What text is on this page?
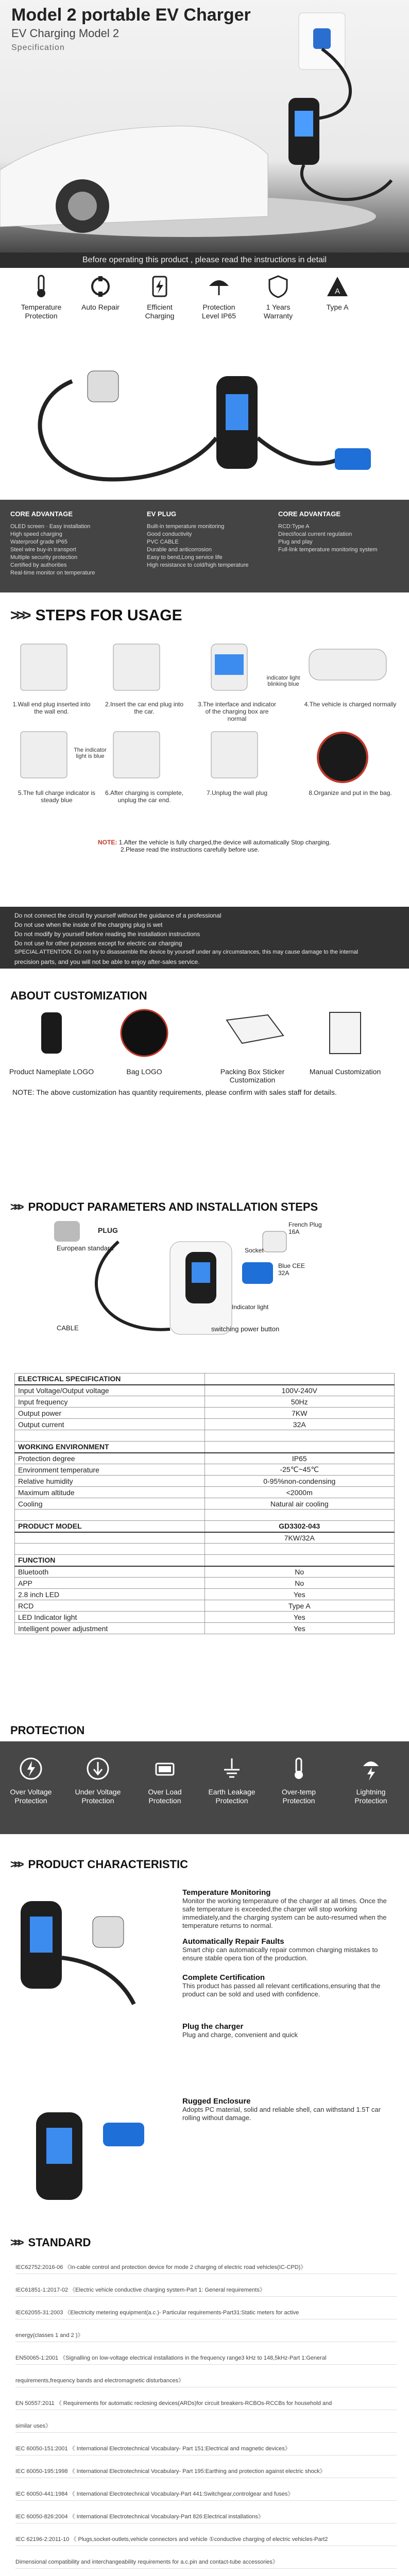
Model 2 portable EV Charger
EV Charging Model 2
Specification
Before operating this product , please read the instructions in detail
Temperature Protection
Auto Repair	Efficient Charging
Protection Level IP65
1 Years Warranty
A
Type A
CORE ADVANTAGE

OLED screen · Easy installation

High speed charging

Waterproof grade IP65

Steel wire buy-in transport

Multiple security protection

Certified by authorities

Real-time monitor on temperature

EV PLUG

Built-in temperature monitoring

Good conductivity

PVC CABLE

Durable and anticorrosion

Easy to bend,Long service life

High resistance to cold/high temperature

CORE ADVANTAGE

RCD:Type A

Direct/local current regulation

Plug and play

Full-link temperature monitoring system

>>> STEPS FOR USAGE
1.Wall end plug inserted into the wall end.
2.Insert the car end plug into the car.
3.The interface and indicator of the charging box are normal
4.The vehicle is charged normally
indicator light blinking blue
5.The full charge indicator is steady blue
6.After charging is complete, unplug the car end.
7.Unplug the wall plug	8.Organize and put in the bag.
The indicator light is blue
NOTE: 1.After the vehicle is fully charged,the device will automatically Stop charging.
2.Please read the instructions carefully before use.

Do not connect the circuit by yourself without the guidance of a professional

Do not use when the inside of the charging plug is wet

Do not modify by yourself before reading the installation instructions

Do not use for other purposes except for electric car charging

SPECIAL ATTENTION: Do not try to disassemble the device by yourself under any circumstances, this may cause damage to the internal

precision parts, and you will not be able to enjoy after-sales service.

ABOUT CUSTOMIZATION
Product Nameplate LOGO	Bag LOGO	Packing Box Sticker Customization
Manual Customization
NOTE: The above customization has quantity requirements, please confirm with sales staff for details.
>>> PRODUCT PARAMETERS AND INSTALLATION STEPS
European standard
PLUG
French Plug 16A
Socket
Blue CEE 32A
Indicator light
switching power button
CABLE
ELECTRICAL SPECIFICATION	
Input Voltage/Output voltage	100V-240V
Input frequency	50Hz
Output power	7KW
Output current	32A

WORKING ENVIRONMENT	
Protection degree	IP65
Environment temperature	-25℃~45℃
Relative humidity	0-95%non-condensing
Maximum altitude	<2000m
Cooling	Natural air cooling

PRODUCT MODEL	GD3302-043
	7KW/32A

FUNCTION	
Bluetooth	No
APP	No
2.8 inch LED	Yes
RCD	Type A
LED Indicator light	Yes
Intelligent power adjustment	Yes
PROTECTION
Over Voltage Protection
Under Voltage Protection
Over Load Protection
Earth Leakage Protection
Over-temp Protection
Lightning Protection
>>> PRODUCT CHARACTERISTIC
Temperature Monitoring

Monitor the working temperature of the charger at all times. Once the safe temperature is exceeded,the charger will stop working immediately,and the charging system can be auto-resumed when the temperature returns to normal.

Automatically Repair Faults

Smart chip can automatically repair common charging mistakes to ensure stable opera tion of the production.

Complete Certification

This product has passed all relevant certifications,ensuring that the product can be sold and used with confidence.

Plug the charger

Plug and charge, convenient and quick

Rugged Enclosure

Adopts PC material, solid and reliable shell, can withstand 1.5T car rolling without damage.

>>> STANDARD
IEC62752:2016-06 《In-cable control and protection device for mode 2 charging of electric road vehicles(IC-CPD)》
IEC61851-1:2017-02 《Electric vehicle conductive charging system-Part 1: General requirements》
IEC62055-31:2003 《Electricity metering equipment(a.c.)- Particular requirements-Part31:Static meters for active
energy(classes 1 and 2 )》
EN50065-1:2001 《Signalling on low-voltage electrical installations in the frequency range3 kHz to 148,5kHz-Part 1:General
requirements,frequency bands and electromagnetic disturbances》
EN 50557:2011 《 Requirements for automatic reclosing devices(ARDs)for circuit breakers-RCBOs-RCCBs for household and
similar uses》
IEC 60050-151:2001 《 International Electrotechnical Vocabulary- Part 151:Electrical and magnetic devices》
IEC 60050-195:1998 《 International Electrotechnical Vocabulary- Part 195:Earthing and protection against electric shock》
IEC 60050-441:1984 《 International Electrotechnical Vocabulary-Part 441:Switchgear,controlgear and fuses》
IEC 60050-826:2004 《 International Electrotechnical Vocabulary-Part 826:Electrical installations》
IEC 62196-2:2011-10 《 Plugs,socket-outlets,vehicle connectors and vehicle ①conductive charging of electric vehicles-Part2
Dimensional compatibility and interchangeability requirements for a.c.pin and contact-tube accessories》
